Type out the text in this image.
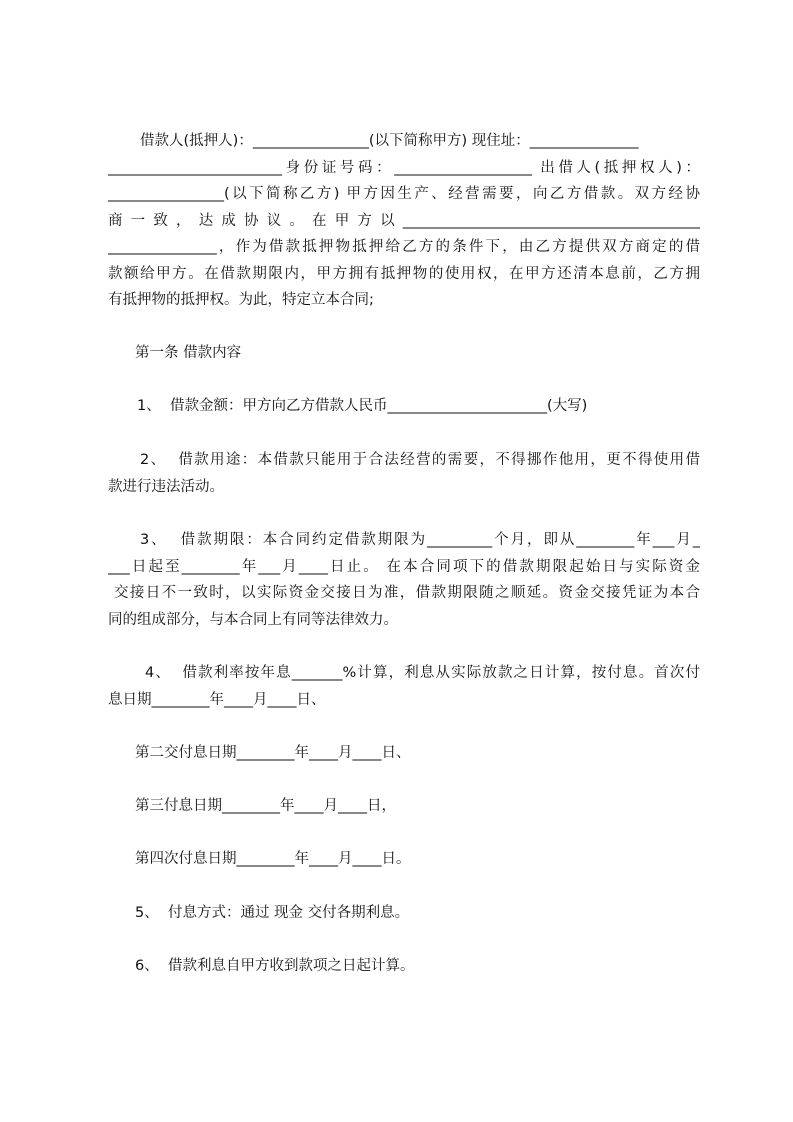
借款人(抵押人)：________________(以下简称甲方) 现住址：_______________
________________________身份证号码：___________________ 出借人(抵押权人)：
________________(以下简称乙方) 甲方因生产、经营需要，向乙方借款。双方经协
商一致，达成协议。在甲方以_________________________________________
_______________，作为借款抵押物抵押给乙方的条件下，由乙方提供双方商定的借
款额给甲方。在借款期限内，甲方拥有抵押物的使用权，在甲方还清本息前，乙方拥
有抵押物的抵押权。为此，特定立本合同;
第一条 借款内容
1、  借款金额：甲方向乙方借款人民币______________________(大写)
2、  借款用途：本借款只能用于合法经营的需要，不得挪作他用，更不得使用借
款进行违法活动。
3、  借款期限：本合同约定借款期限为_________个月，即从________年___月_
___日起至________年___月____日止。 在本合同项下的借款期限起始日与实际资金
交接日不一致时，以实际资金交接日为准，借款期限随之顺延。资金交接凭证为本合
同的组成部分，与本合同上有同等法律效力。
4、  借款利率按年息_______%计算，利息从实际放款之日计算，按付息。首次付
息日期________年____月____日、
第二交付息日期________年____月____日、
第三付息日期________年____月____日，
第四次付息日期________年____月____日。
5、  付息方式：通过 现金 交付各期利息。
6、  借款利息自甲方收到款项之日起计算。
